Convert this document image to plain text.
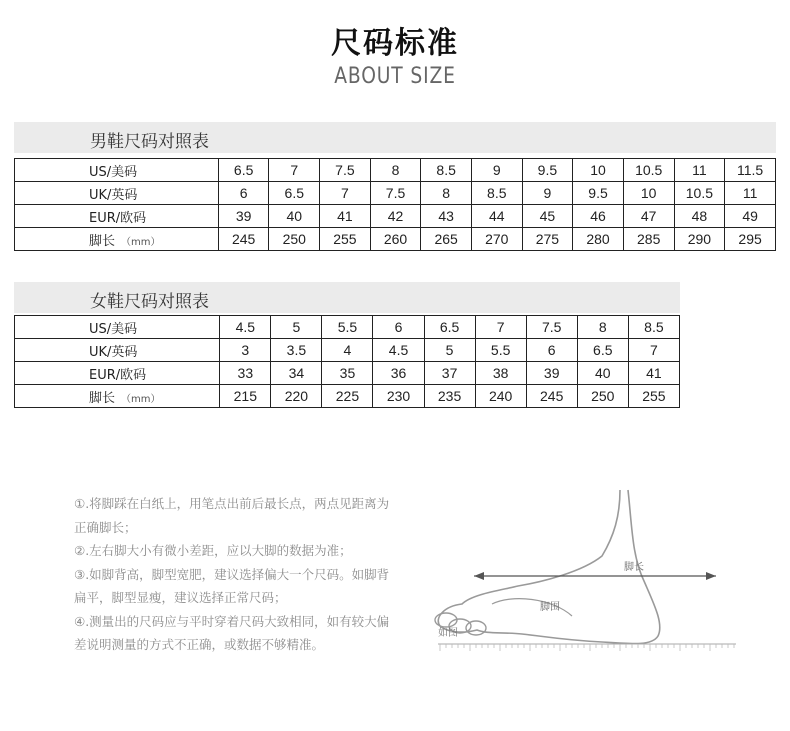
尺码标准
ABOUT SIZE
男鞋尺码对照表
US/美码	6.5	7	7.5	8	8.5	9	9.5	10	10.5	11	11.5
UK/英码	6	6.5	7	7.5	8	8.5	9	9.5	10	10.5	11
EUR/欧码	39	40	41	42	43	44	45	46	47	48	49
脚长 （mm）	245	250	255	260	265	270	275	280	285	290	295
女鞋尺码对照表
US/美码	4.5	5	5.5	6	6.5	7	7.5	8	8.5
UK/英码	3	3.5	4	4.5	5	5.5	6	6.5	7
EUR/欧码	33	34	35	36	37	38	39	40	41
脚长 （mm）	215	220	225	230	235	240	245	250	255

①.将脚踩在白纸上，用笔点出前后最长点，两点见距离为

正确脚长；

②.左右脚大小有微小差距，应以大脚的数据为准；

③.如脚背高，脚型宽肥，建议选择偏大一个尺码。如脚背

扁平，脚型显瘦，建议选择正常尺码；

④.测量出的尺码应与平时穿着尺码大致相同，如有较大偏

差说明测量的方式不正确，或数据不够精准。

脚长
脚围
如图
